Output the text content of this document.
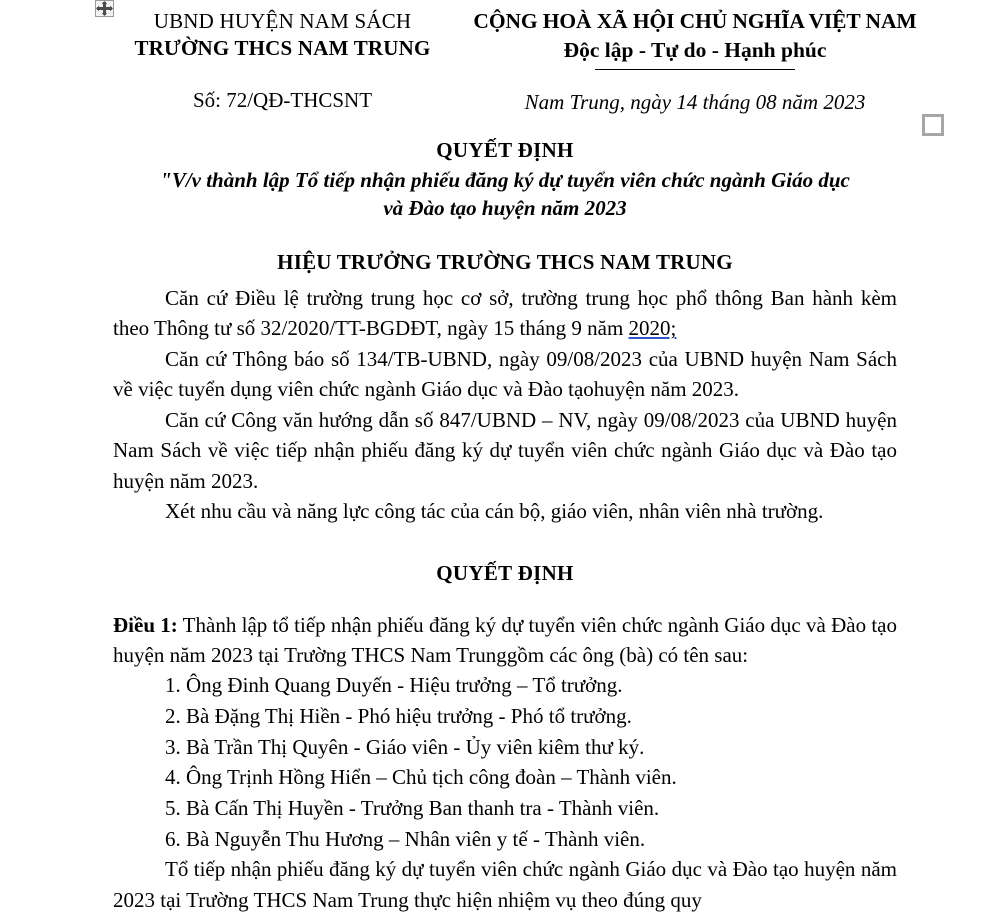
UBND HUYỆN NAM SÁCH
TRƯỜNG THCS NAM TRUNG
CỘNG HOÀ XÃ HỘI CHỦ NGHĨA VIỆT NAM
Độc lập - Tự do - Hạnh phúc
Số: 72/QĐ-THCSNT	Nam Trung, ngày 14 tháng 08 năm 2023
QUYẾT ĐỊNH
"V/v thành lập Tổ tiếp nhận phiếu đăng ký dự tuyển viên chức ngành Giáo dục
và Đào tạo huyện năm 2023
HIỆU TRƯỞNG TRƯỜNG THCS NAM TRUNG

Căn cứ Điều lệ trường trung học cơ sở, trường trung học phổ thông Ban hành kèm theo Thông tư số 32/2020/TT-BGDĐT, ngày 15 tháng 9 năm 2020;

Căn cứ Thông báo số 134/TB-UBND, ngày 09/08/2023 của UBND huyện Nam Sách về việc tuyển dụng viên chức ngành Giáo dục và Đào tạohuyện năm 2023.

Căn cứ Công văn hướng dẫn số 847/UBND – NV, ngày 09/08/2023 của UBND huyện Nam Sách về việc tiếp nhận phiếu đăng ký dự tuyển viên chức ngành Giáo dục và Đào tạo huyện năm 2023.

Xét nhu cầu và năng lực công tác của cán bộ, giáo viên, nhân viên nhà trường.

QUYẾT ĐỊNH

Điều 1: Thành lập tổ tiếp nhận phiếu đăng ký dự tuyển viên chức ngành Giáo dục và Đào tạo huyện năm 2023 tại Trường THCS Nam Trunggồm các ông (bà) có tên sau:

1. Ông Đinh Quang Duyến - Hiệu trưởng – Tổ trưởng.
2. Bà Đặng Thị Hiền - Phó hiệu trưởng - Phó tổ trưởng.
3. Bà Trần Thị Quyên - Giáo viên - Ủy viên kiêm thư ký.
4. Ông Trịnh Hồng Hiển – Chủ tịch công đoàn – Thành viên.
5. Bà Cấn Thị Huyền - Trưởng Ban thanh tra - Thành viên.
6. Bà Nguyễn Thu Hương – Nhân viên y tế - Thành viên.

Tổ tiếp nhận phiếu đăng ký dự tuyển viên chức ngành Giáo dục và Đào tạo huyện năm 2023 tại Trường THCS Nam Trung thực hiện nhiệm vụ theo đúng quy
